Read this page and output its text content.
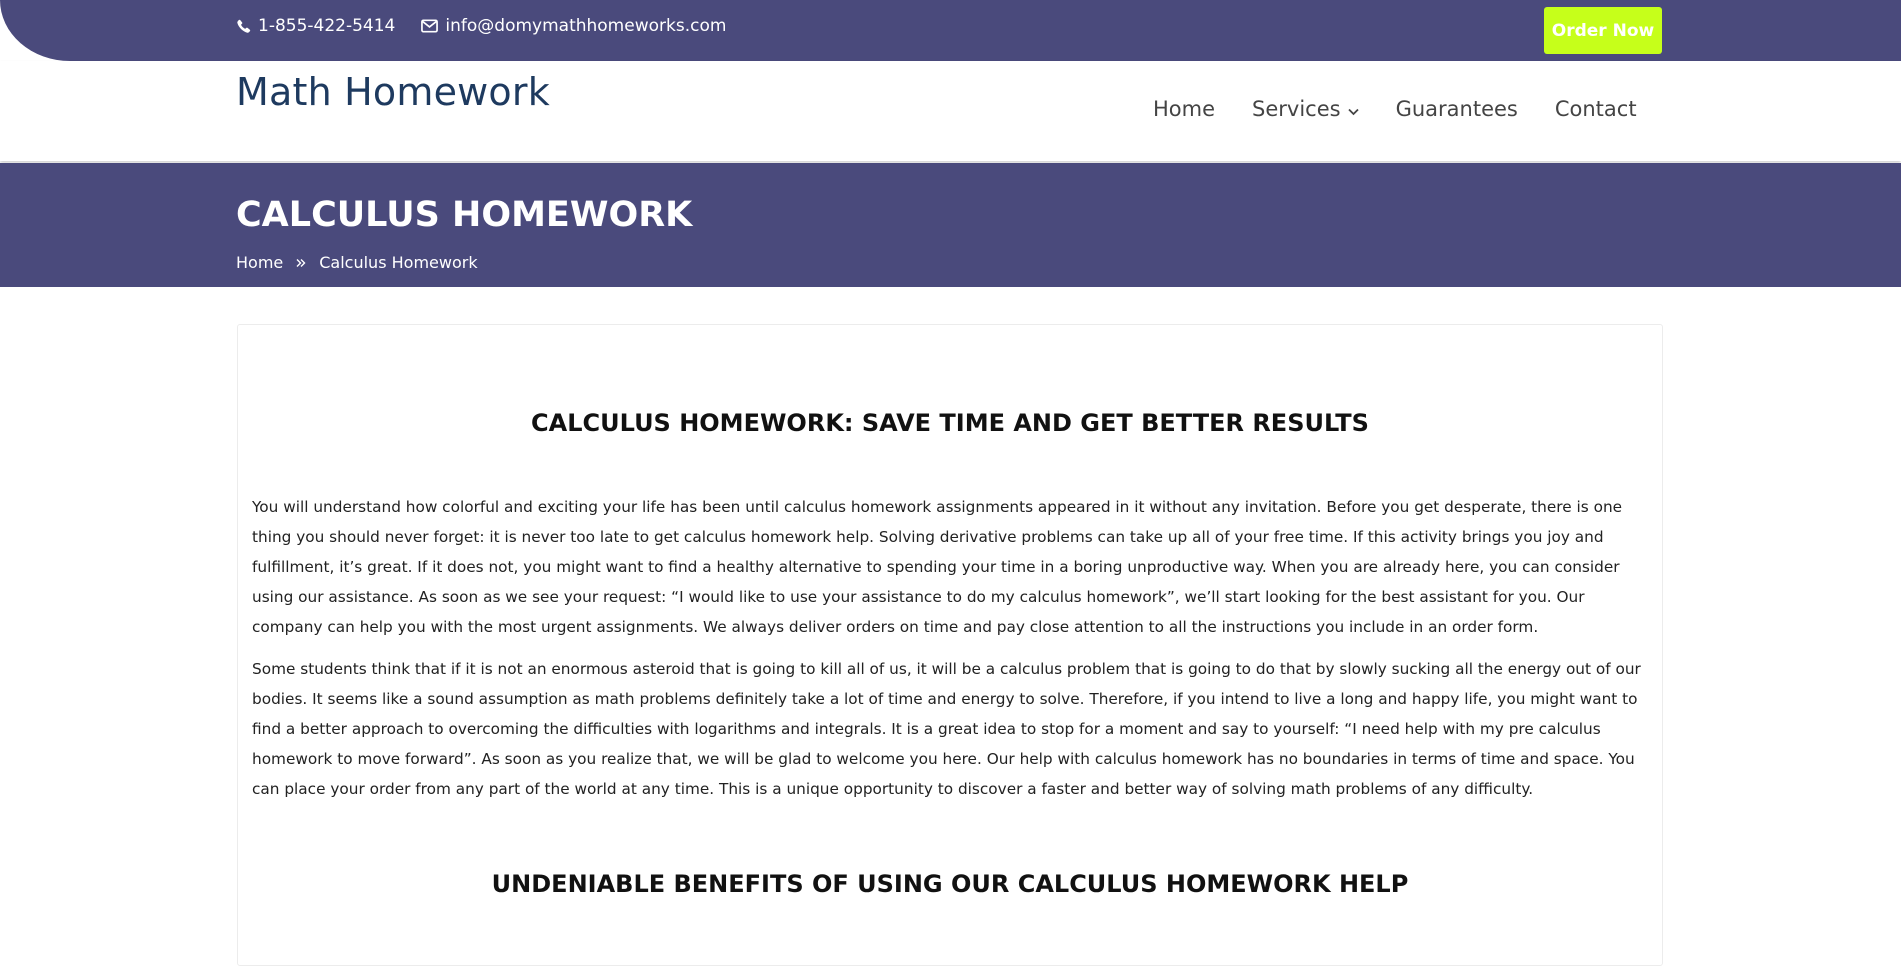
1-855-422-5414	info@domymathhomeworks.com	Order Now
Math Homework	Home Services	Guarantees Contact
CALCULUS HOMEWORK
Home Calculus Homework
CALCULUS HOMEWORK: SAVE TIME AND GET BETTER RESULTS

You will understand how colorful and exciting your life has been until calculus homework assignments appeared in it without any invitation. Before you get desperate, there is one thing you should never forget: it is never too late to get calculus homework help. Solving derivative problems can take up all of your free time. If this activity brings you joy and fulfillment, it’s great. If it does not, you might want to find a healthy alternative to spending your time in a boring unproductive way. When you are already here, you can consider using our assistance. As soon as we see your request: “I would like to use your assistance to do my calculus homework”, we’ll start looking for the best assistant for you. Our company can help you with the most urgent assignments. We always deliver orders on time and pay close attention to all the instructions you include in an order form.

Some students think that if it is not an enormous asteroid that is going to kill all of us, it will be a calculus problem that is going to do that by slowly sucking all the energy out of our bodies. It seems like a sound assumption as math problems definitely take a lot of time and energy to solve. Therefore, if you intend to live a long and happy life, you might want to find a better approach to overcoming the difficulties with logarithms and integrals. It is a great idea to stop for a moment and say to yourself: “I need help with my pre calculus homework to move forward”. As soon as you realize that, we will be glad to welcome you here. Our help with calculus homework has no boundaries in terms of time and space. You can place your order from any part of the world at any time. This is a unique opportunity to discover a faster and better way of solving math problems of any difficulty.

UNDENIABLE BENEFITS OF USING OUR CALCULUS HOMEWORK HELP
